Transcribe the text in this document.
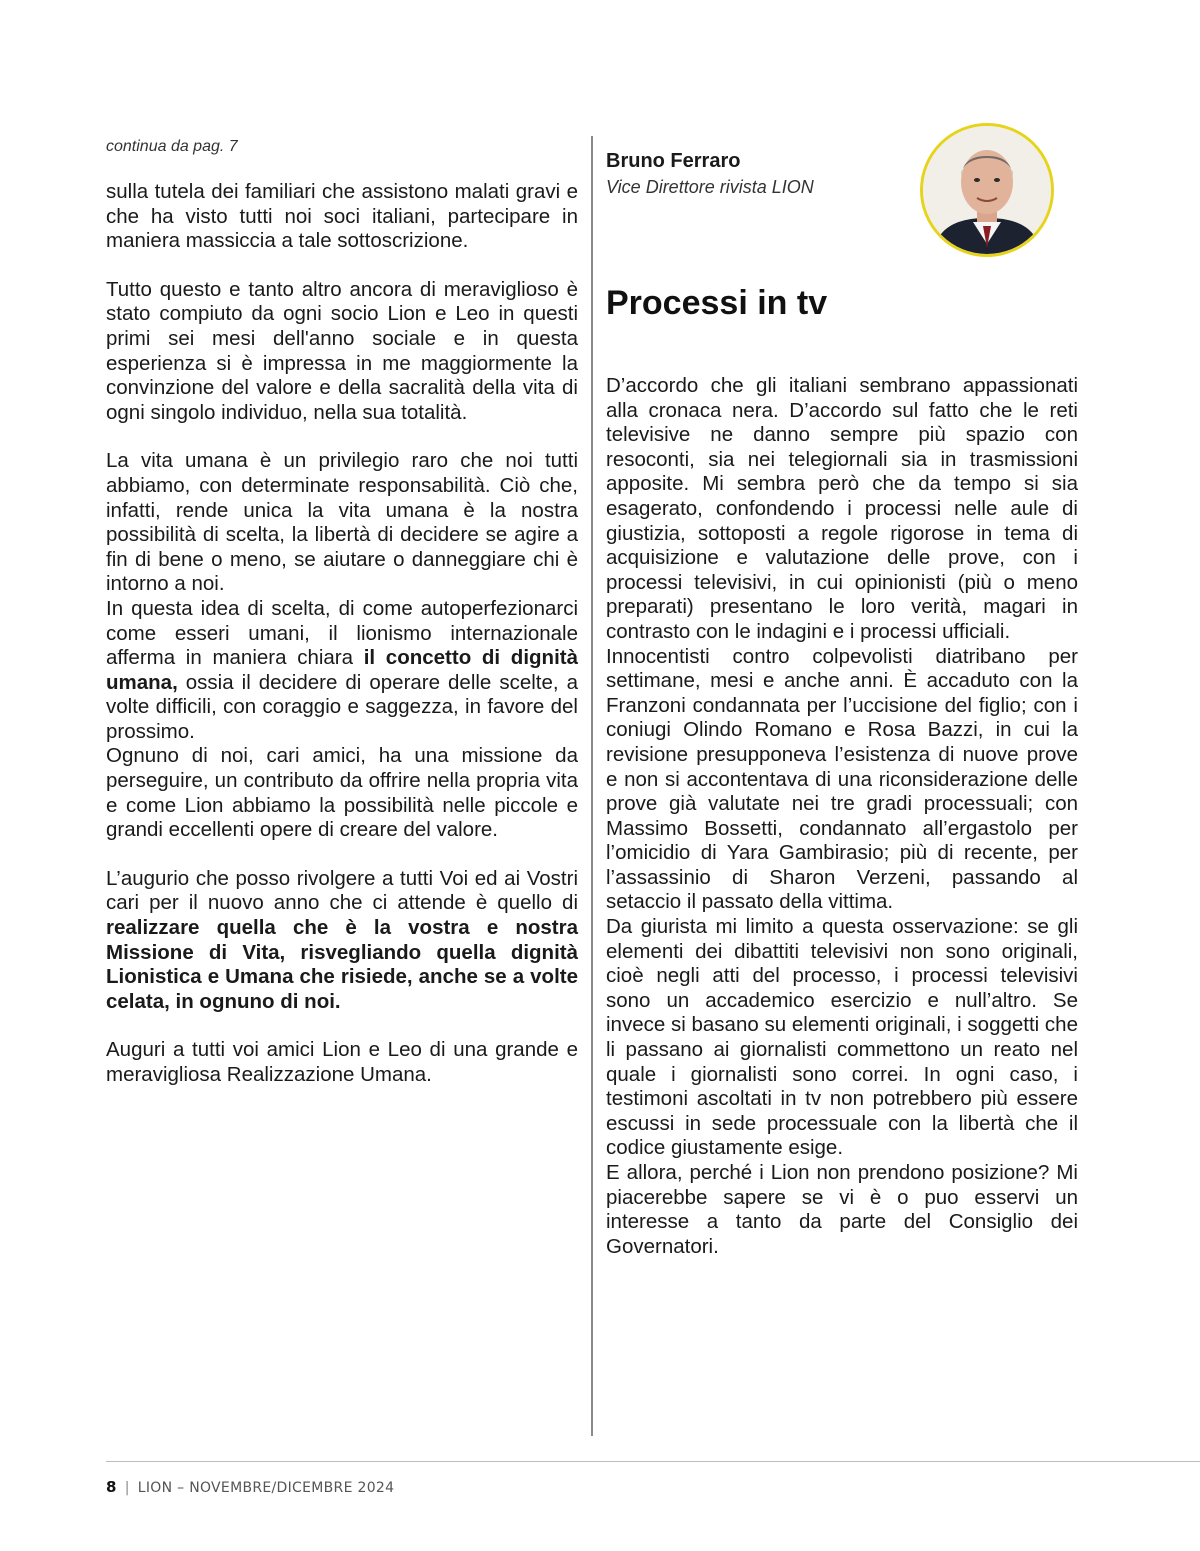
continua da pag. 7

sulla tutela dei familiari che assistono malati gravi e che ha visto tutti noi soci italiani, partecipare in maniera massiccia a tale sottoscrizione.

Tutto questo e tanto altro ancora di meraviglioso è stato compiuto da ogni socio Lion e Leo in questi primi sei mesi dell'anno sociale e in questa esperienza si è impressa in me maggiormente la convinzione del valore e della sacralità della vita di ogni singolo individuo, nella sua totalità.

La vita umana è un privilegio raro che noi tutti abbiamo, con determinate responsabilità. Ciò che, infatti, rende unica la vita umana è la nostra possibilità di scelta, la libertà di decidere se agire a fin di bene o meno, se aiutare o danneggiare chi è intorno a noi.

In questa idea di scelta, di come autoperfezionarci come esseri umani, il lionismo internazionale afferma in maniera chiara il concetto di dignità umana, ossia il decidere di operare delle scelte, a volte difficili, con coraggio e saggezza, in favore del prossimo.

Ognuno di noi, cari amici, ha una missione da perseguire, un contributo da offrire nella propria vita e come Lion abbiamo la possibilità nelle piccole e grandi eccellenti opere di creare del valore.

L’augurio che posso rivolgere a tutti Voi ed ai Vostri cari per il nuovo anno che ci attende è quello di realizzare quella che è la vostra e nostra Missione di Vita, risvegliando quella dignità Lionistica e Umana che risiede, anche se a volte celata, in ognuno di noi.

Auguri a tutti voi amici Lion e Leo di una grande e meravigliosa Realizzazione Umana.

Bruno Ferraro

Vice Direttore rivista LION

Processi in tv

D’accordo che gli italiani sembrano appassionati alla cronaca nera. D’accordo sul fatto che le reti televisive ne danno sempre più spazio con resoconti, sia nei telegiornali sia in trasmissioni apposite. Mi sembra però che da tempo si sia esagerato, confondendo i processi nelle aule di giustizia, sottoposti a regole rigorose in tema di acquisizione e valutazione delle prove, con i processi televisivi, in cui opinionisti (più o meno preparati) presentano le loro verità, magari in contrasto con le indagini e i processi ufficiali.

Innocentisti contro colpevolisti diatribano per settimane, mesi e anche anni. È accaduto con la Franzoni condannata per l’uccisione del figlio; con i coniugi Olindo Romano e Rosa Bazzi, in cui la revisione presupponeva l’esistenza di nuove prove e non si accontentava di una riconsiderazione delle prove già valutate nei tre gradi processuali; con Massimo Bossetti, condannato all’ergastolo per l’omicidio di Yara Gambirasio; più di recente, per l’assassinio di Sharon Verzeni, passando al setaccio il passato della vittima.

Da giurista mi limito a questa osservazione: se gli elementi dei dibattiti televisivi non sono originali, cioè negli atti del processo, i processi televisivi sono un accademico esercizio e null’altro. Se invece si basano su elementi originali, i soggetti che li passano ai giornalisti commettono un reato nel quale i giornalisti sono correi. In ogni caso, i testimoni ascoltati in tv non potrebbero più essere escussi in sede processuale con la libertà che il codice giustamente esige.

E allora, perché i Lion non prendono posizione? Mi piacerebbe sapere se vi è o puo esservi un interesse a tanto da parte del Consiglio dei Governatori.

8 | LION – NOVEMBRE/DICEMBRE 2024
